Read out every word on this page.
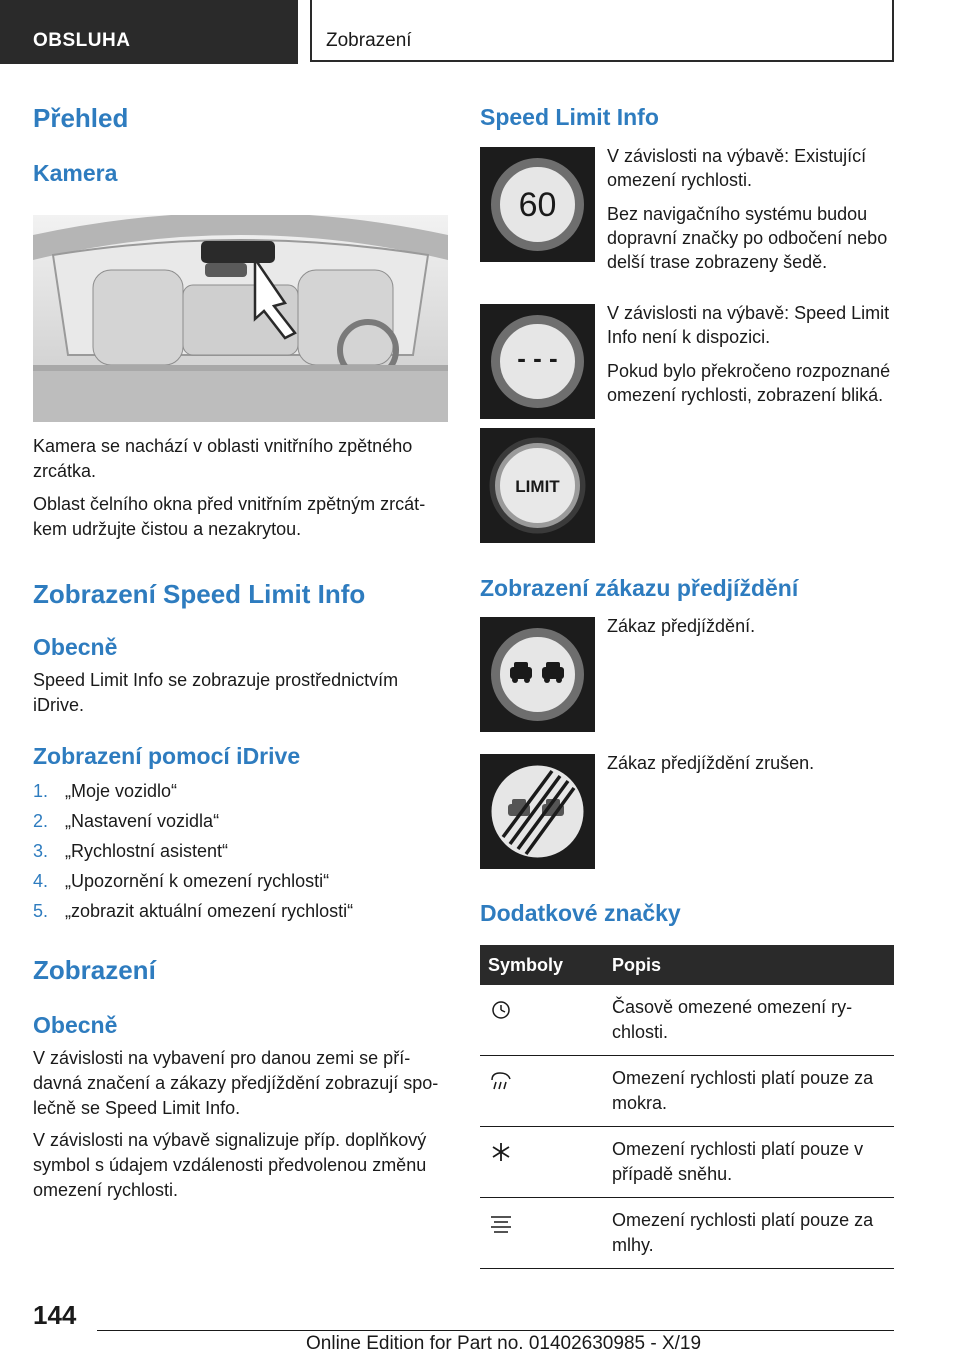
OBSLUHA	Zobrazení
Přehled
Kamera
Kamera se nachází v oblasti vnitřního zpětného zrcátka.
Oblast čelního okna před vnitřním zpětným zrcátkem udržujte čistou a nezakrytou.
Zobrazení Speed Limit Info
Obecně
Speed Limit Info se zobrazuje prostřednictvím iDrive.
Zobrazení pomocí iDrive
1. „Moje vozidlo“
2. „Nastavení vozidla“
3. „Rychlostní asistent“
4. „Upozornění k omezení rychlosti“
5. „zobrazit aktuální omezení rychlosti“
Zobrazení
Obecně
V závislosti na vybavení pro danou zemi se přídavná značení a zákazy předjíždění zobrazují společně se Speed Limit Info.
V závislosti na výbavě signalizuje příp. doplňkový symbol s údajem vzdálenosti předvolenou změnu omezení rychlosti.
Speed Limit Info
60

V závislosti na výbavě: Existující omezení rychlosti.

Bez navigačního systému budou dopravní značky po odbočení nebo delší trase zobrazeny šedě.

- - -

V závislosti na výbavě: Speed Limit Info není k dispozici.

Pokud bylo překročeno rozpoznané omezení rychlosti, zobrazení bliká.

LIMIT
Zobrazení zákazu předjíždění
Zákaz předjíždění.
Zákaz předjíždění zrušen.
Dodatkové značky
Symboly	Popis
	Časově omezené omezení rychlosti.
	Omezení rychlosti platí pouze za mokra.
	Omezení rychlosti platí pouze v případě sněhu.
	Omezení rychlosti platí pouze za mlhy.
144
Online Edition for Part no. 01402630985 - X/19
